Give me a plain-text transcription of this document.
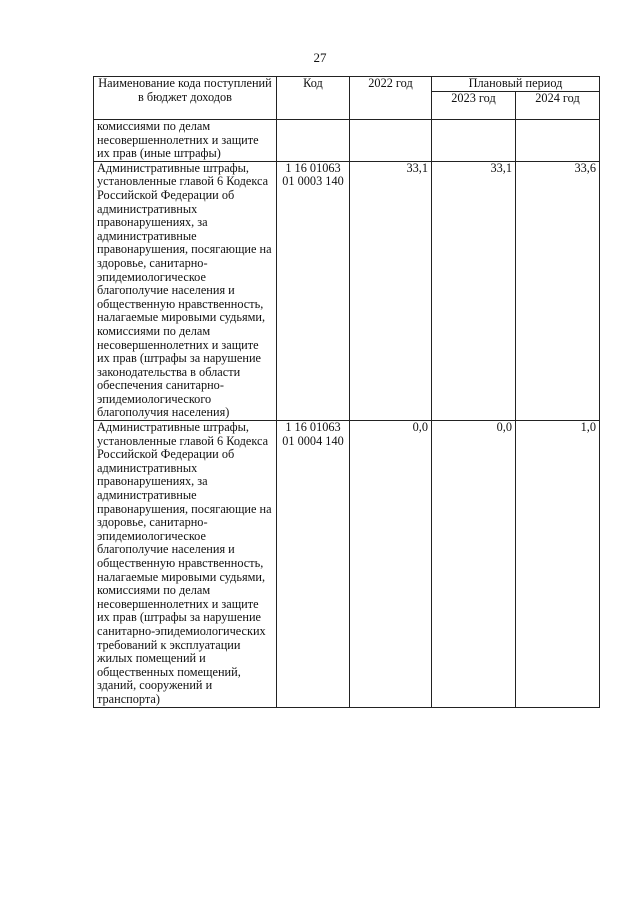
27
Наименование кода поступлений в бюджет доходов	Код	2022 год	Плановый период	
			2023 год	2024 год
комиссиями по делам несовершеннолетних и защите их прав (иные штрафы)				
Административные штрафы, установленные главой 6 Кодекса Российской Федерации об административных правонарушениях, за административные правонарушения, посягающие на здоровье, санитарно-эпидемиологическое благополучие населения и общественную нравственность, налагаемые мировыми судьями, комиссиями по делам несовершеннолетних и защите их прав (штрафы за нарушение законодательства в области обеспечения санитарно-эпидемиологического благополучия населения)	1 16 01063 01 0003 140	33,1	33,1	33,6
Административные штрафы, установленные главой 6 Кодекса Российской Федерации об административных правонарушениях, за административные правонарушения, посягающие на здоровье, санитарно-эпидемиологическое благополучие населения и общественную нравственность, налагаемые мировыми судьями, комиссиями по делам несовершеннолетних и защите их прав (штрафы за нарушение санитарно-эпидемиологических требований к эксплуатации жилых помещений и общественных помещений, зданий, сооружений и транспорта)	1 16 01063 01 0004 140	0,0	0,0	1,0
